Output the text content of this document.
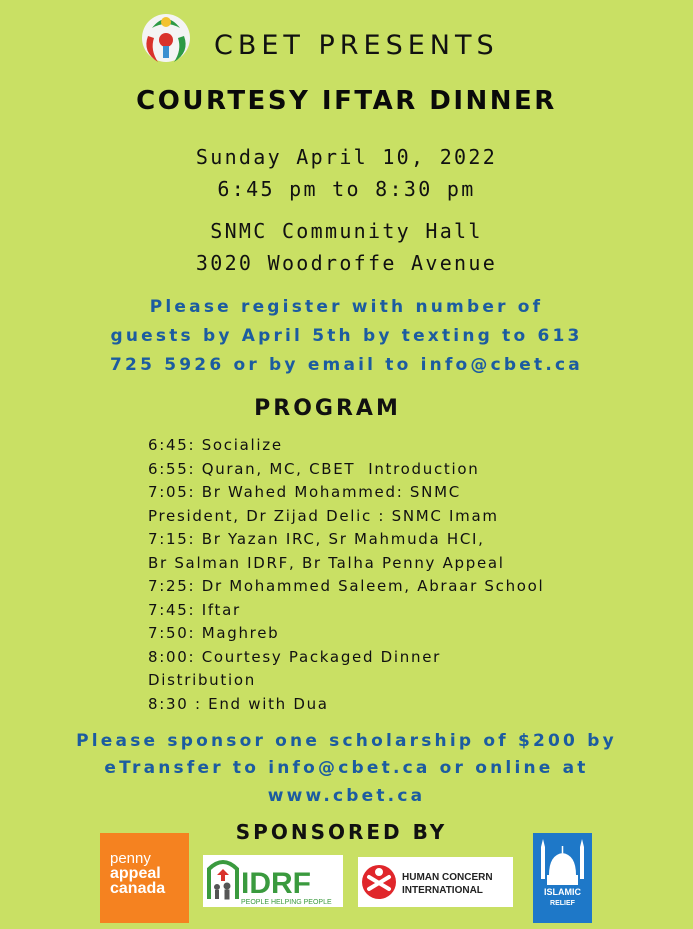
CBET PRESENTS
COURTESY IFTAR DINNER
Sunday April 10, 2022
6:45 pm to 8:30 pm
SNMC Community Hall
3020 Woodroffe Avenue
Please register with number of
guests by April 5th by texting to 613
725 5926 or by email to info@cbet.ca
PROGRAM
6:45: Socialize
6:55: Quran, MC, CBET  Introduction
7:05: Br Wahed Mohammed: SNMC
President, Dr Zijad Delic : SNMC Imam
7:15: Br Yazan IRC, Sr Mahmuda HCI,
Br Salman IDRF, Br Talha Penny Appeal
7:25: Dr Mohammed Saleem, Abraar School
7:45: Iftar
7:50: Maghreb
8:00: Courtesy Packaged Dinner
Distribution
8:30 : End with Dua
Please sponsor one scholarship of $200 by
eTransfer to info@cbet.ca or online at
www.cbet.ca
SPONSORED BY
penny
appeal
canada	IDRF
PEOPLE HELPING PEOPLE
HUMAN CONCERN
INTERNATIONAL	ISLAMIC
RELIEF
